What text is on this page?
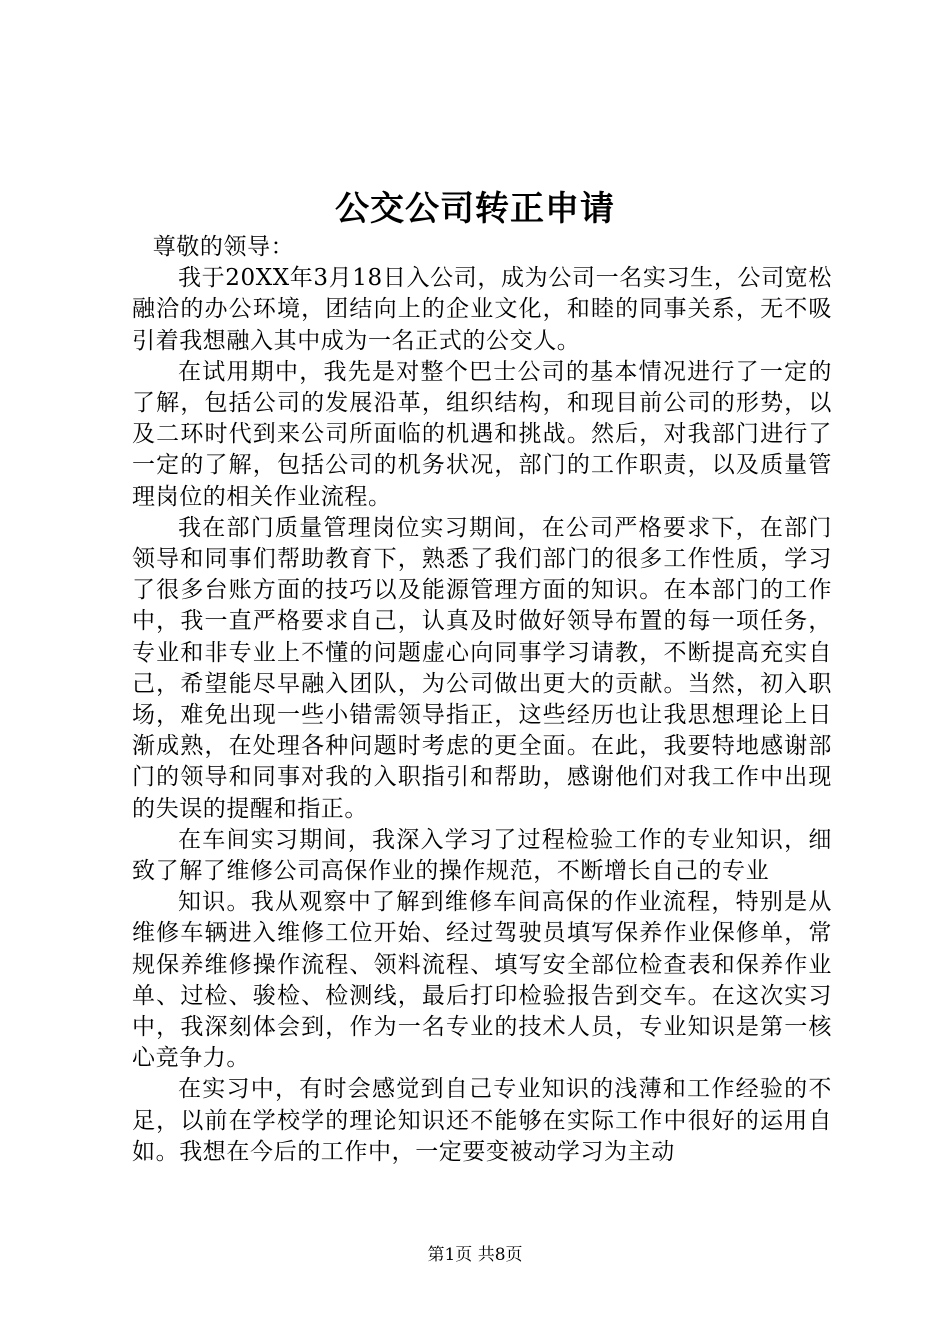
公交公司转正申请

尊敬的领导：

我于20XX年3月18日入公司，成为公司一名实习生，公司宽松融洽的办公环境，团结向上的企业文化，和睦的同事关系，无不吸引着我想融入其中成为一名正式的公交人。

在试用期中，我先是对整个巴士公司的基本情况进行了一定的了解，包括公司的发展沿革，组织结构，和现目前公司的形势，以及二环时代到来公司所面临的机遇和挑战。然后，对我部门进行了一定的了解，包括公司的机务状况，部门的工作职责，以及质量管理岗位的相关作业流程。

我在部门质量管理岗位实习期间，在公司严格要求下，在部门领导和同事们帮助教育下，熟悉了我们部门的很多工作性质，学习了很多台账方面的技巧以及能源管理方面的知识。在本部门的工作中，我一直严格要求自己，认真及时做好领导布置的每一项任务，专业和非专业上不懂的问题虚心向同事学习请教，不断提高充实自己，希望能尽早融入团队，为公司做出更大的贡献。当然，初入职场，难免出现一些小错需领导指正，这些经历也让我思想理论上日渐成熟，在处理各种问题时考虑的更全面。在此，我要特地感谢部门的领导和同事对我的入职指引和帮助，感谢他们对我工作中出现的失误的提醒和指正。

在车间实习期间，我深入学习了过程检验工作的专业知识，细致了解了维修公司高保作业的操作规范，不断增长自己的专业

知识。我从观察中了解到维修车间高保的作业流程，特别是从维修车辆进入维修工位开始、经过驾驶员填写保养作业保修单，常规保养维修操作流程、领料流程、填写安全部位检查表和保养作业单、过检、骏检、检测线，最后打印检验报告到交车。在这次实习中，我深刻体会到，作为一名专业的技术人员，专业知识是第一核心竞争力。

在实习中，有时会感觉到自己专业知识的浅薄和工作经验的不足，以前在学校学的理论知识还不能够在实际工作中很好的运用自如。我想在今后的工作中，一定要变被动学习为主动

第1页 共8页
